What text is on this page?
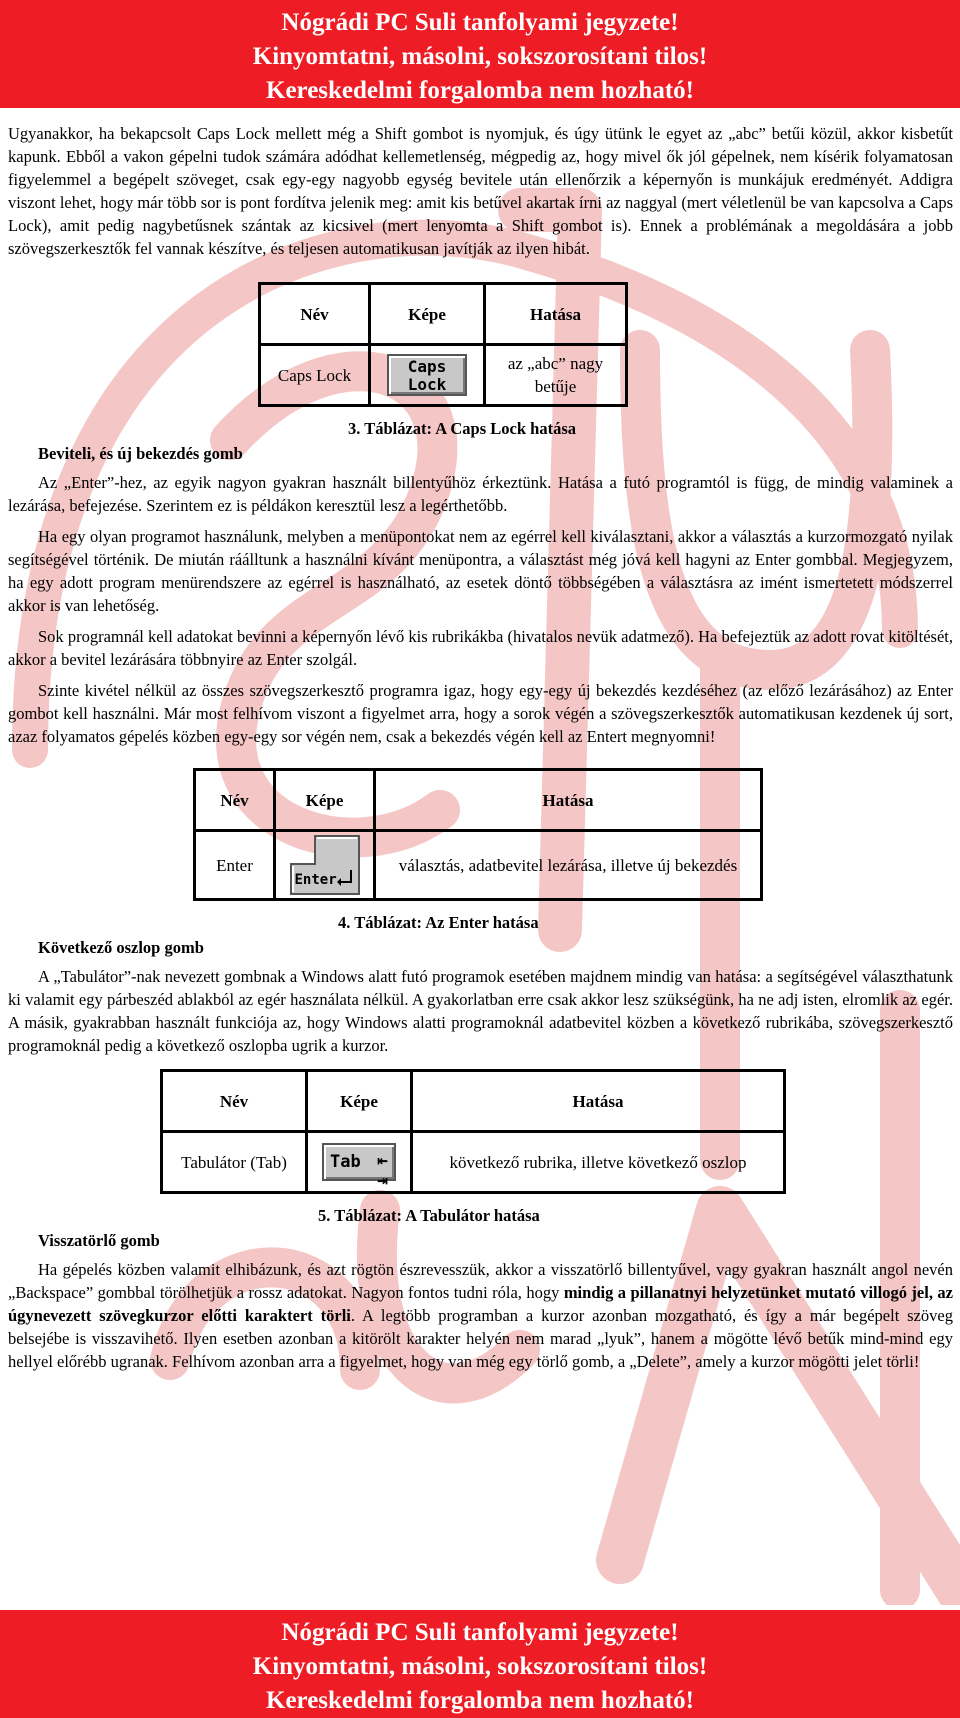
Nógrádi PC Suli tanfolyami jegyzete!
Kinyomtatni, másolni, sokszorosítani tilos!
Kereskedelmi forgalomba nem hozható!

Ugyanakkor, ha bekapcsolt Caps Lock mellett még a Shift gombot is nyomjuk, és úgy ütünk le egyet az „abc” betűi közül, akkor kisbetűt kapunk. Ebből a vakon gépelni tudok számára adódhat kellemetlenség, mégpedig az, hogy mivel ők jól gépelnek, nem kísérik folyamatosan figyelemmel a begépelt szöveget, csak egy-egy nagyobb egység bevitele után ellenőrzik a képernyőn is munkájuk eredményét. Addigra viszont lehet, hogy már több sor is pont fordítva jelenik meg: amit kis betűvel akartak írni az naggyal (mert véletlenül be van kapcsolva a Caps Lock), amit pedig nagybetűsnek szántak az kicsivel (mert lenyomta a Shift gombot is). Ennek a problémának a megoldására a jobb szövegszerkesztők fel vannak készítve, és teljesen automatikusan javítják az ilyen hibát.

Név	Képe	Hatása
Caps Lock	Caps
Lock	az „abc” nagy betűje
3. Táblázat: A Caps Lock hatása
Beviteli, és új bekezdés gomb

Az „Enter”-hez, az egyik nagyon gyakran használt billentyűhöz érkeztünk. Hatása a futó programtól is függ, de mindig valaminek a lezárása, befejezése. Szerintem ez is példákon keresztül lesz a legérthetőbb.

Ha egy olyan programot használunk, melyben a menüpontokat nem az egérrel kell kiválasztani, akkor a választás a kurzormozgató nyilak segítségével történik. De miután ráálltunk a használni kívánt menüpontra, a választást még jóvá kell hagyni az Enter gombbal. Megjegyzem, ha egy adott program menürendszere az egérrel is használható, az esetek döntő többségében a választásra az imént ismertetett módszerrel akkor is van lehetőség.

Sok programnál kell adatokat bevinni a képernyőn lévő kis rubrikákba (hivatalos nevük adatmező). Ha befejeztük az adott rovat kitöltését, akkor a bevitel lezárására többnyire az Enter szolgál.

Szinte kivétel nélkül az összes szövegszerkesztő programra igaz, hogy egy-egy új bekezdés kezdéséhez (az előző lezárásához) az Enter gombot kell használni. Már most felhívom viszont a figyelmet arra, hogy a sorok végén a szövegszerkesztők automatikusan kezdenek új sort, azaz folyamatos gépelés közben egy-egy sor végén nem, csak a bekezdés végén kell az Entert megnyomni!

Név	Képe	Hatása
Enter	Enter	választás, adatbevitel lezárása, illetve új bekezdés
4. Táblázat: Az Enter hatása
Következő oszlop gomb

A „Tabulátor”-nak nevezett gombnak a Windows alatt futó programok esetében majdnem mindig van hatása: a segítségével választhatunk ki valamit egy párbeszéd ablakból az egér használata nélkül. A gyakorlatban erre csak akkor lesz szükségünk, ha ne adj isten, elromlik az egér. A másik, gyakrabban használt funkciója az, hogy Windows alatti programoknál adatbevitel közben a következő rubrikába, szövegszerkesztő programoknál pedig a következő oszlopba ugrik a kurzor.

Név	Képe	Hatása
Tabulátor (Tab)	Tab ⇤
⇥	következő rubrika, illetve következő oszlop
5. Táblázat: A Tabulátor hatása
Visszatörlő gomb

Ha gépelés közben valamit elhibázunk, és azt rögtön észrevesszük, akkor a visszatörlő billentyűvel, vagy gyakran használt angol nevén „Backspace” gombbal törölhetjük a rossz adatokat. Nagyon fontos tudni róla, hogy mindig a pillanatnyi helyzetünket mutató villogó jel, az úgynevezett szövegkurzor előtti karaktert törli. A legtöbb programban a kurzor azonban mozgatható, és így a már begépelt szöveg belsejébe is visszavihető. Ilyen esetben azonban a kitörölt karakter helyén nem marad „lyuk”, hanem a mögötte lévő betűk mind-mind egy hellyel előrébb ugranak. Felhívom azonban arra a figyelmet, hogy van még egy törlő gomb, a „Delete”, amely a kurzor mögötti jelet törli!

Nógrádi PC Suli tanfolyami jegyzete!
Kinyomtatni, másolni, sokszorosítani tilos!
Kereskedelmi forgalomba nem hozható!
